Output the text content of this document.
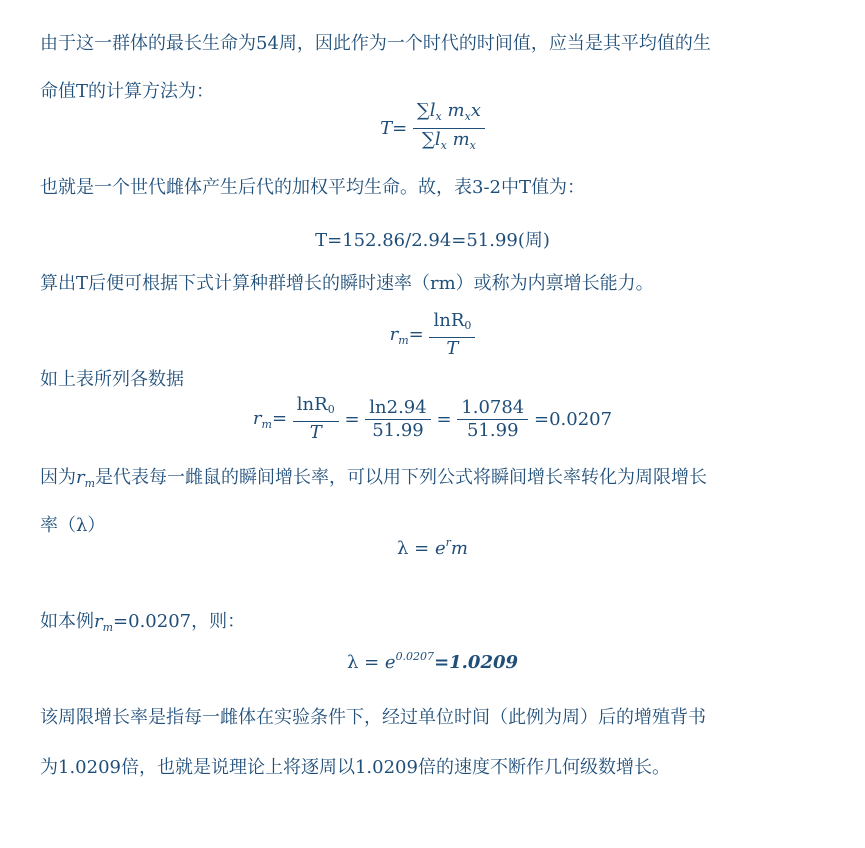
由于这一群体的最长生命为54周，因此作为一个时代的时间值，应当是其平均值的生
命值T的计算方法为：
$T= \frac{\sum l_x m_xx}{\sum l_x m_x}$
也就是一个世代雌体产生后代的加权平均生命。故，表3-2中T值为：
T=152.86/2.94=51.99(周)
算出T后便可根据下式计算种群增长的瞬时速率（rm）或称为内禀增长能力。
$r_m= \frac{\ln R0}{T}$
如上表所列各数据
$r_m= \frac{\ln R0}{T} = \frac{\ln 2.94}{51.99} = \frac{1.0784}{51.99} =0.0207$
因为$r_m$是代表每一雌鼠的瞬间增长率，可以用下列公式将瞬间增长率转化为周限增长
率（λ）
$\lambda = e^rm$
如本例$r_m=0.0207$，则：
$\lambda = e^{0.0207}=1.0209$
该周限增长率是指每一雌体在实验条件下，经过单位时间（此例为周）后的增殖背书
为1.0209倍，也就是说理论上将逐周以1.0209倍的速度不断作几何级数增长。
